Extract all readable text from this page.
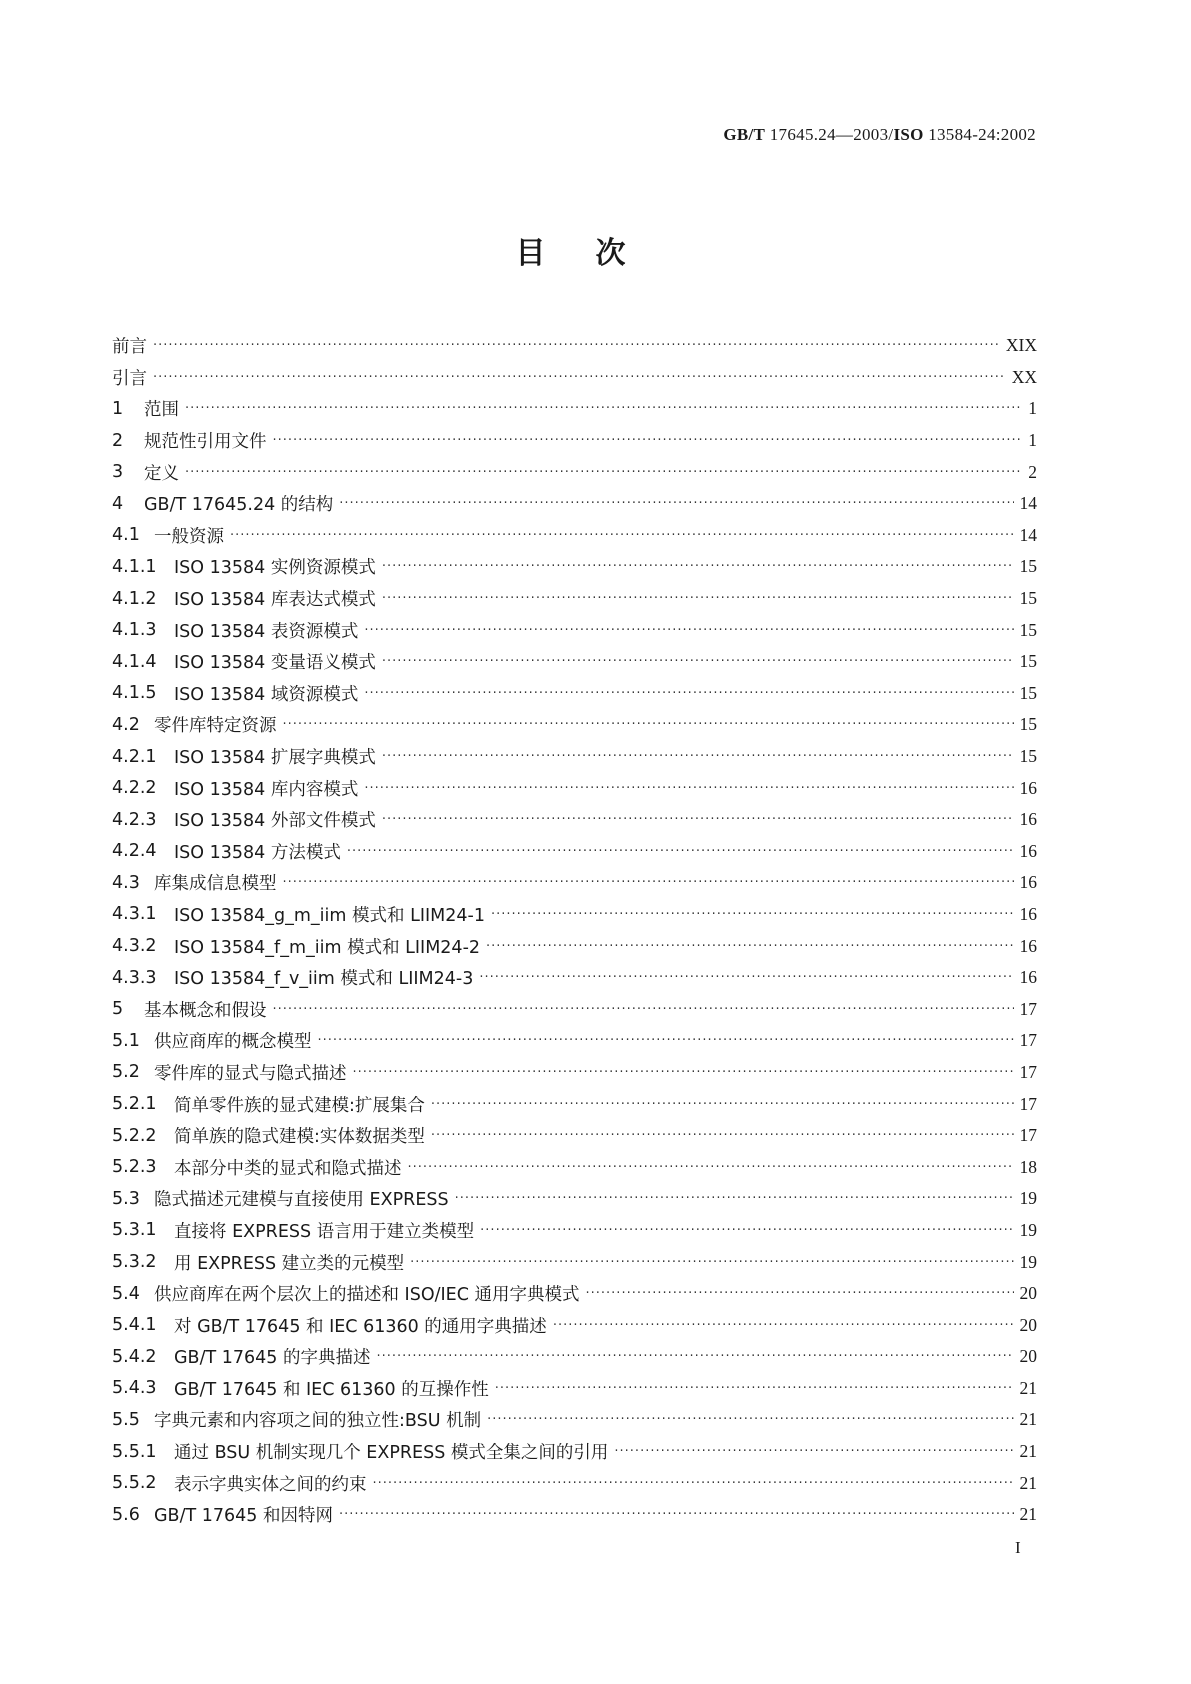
GB/T 17645.24—2003/ISO 13584-24:2002
目次
前言 ·····	XIX
引言 ·····	XX
1 范围 ·····	1
2 规范性引用文件 ·····	1
3 定义 ·····	2
4 GB/T 17645.24 的结构 ·····	14
4.1 一般资源 ·····	14
4.1.1 ISO 13584 实例资源模式 ·····	15
4.1.2 ISO 13584 库表达式模式 ·····	15
4.1.3 ISO 13584 表资源模式 ·····	15
4.1.4 ISO 13584 变量语义模式 ·····	15
4.1.5 ISO 13584 域资源模式 ·····	15
4.2 零件库特定资源 ·····	15
4.2.1 ISO 13584 扩展字典模式 ·····	15
4.2.2 ISO 13584 库内容模式 ·····	16
4.2.3 ISO 13584 外部文件模式 ·····	16
4.2.4 ISO 13584 方法模式 ·····	16
4.3 库集成信息模型 ·····	16
4.3.1 ISO 13584_g_m_iim 模式和 LIIM24-1 ·····	16
4.3.2 ISO 13584_f_m_iim 模式和 LIIM24-2 ·····	16
4.3.3 ISO 13584_f_v_iim 模式和 LIIM24-3 ·····	16
5 基本概念和假设 ·····	17
5.1 供应商库的概念模型 ·····	17
5.2 零件库的显式与隐式描述 ·····	17
5.2.1 简单零件族的显式建模:扩展集合 ·····	17
5.2.2 简单族的隐式建模:实体数据类型 ·····	17
5.2.3 本部分中类的显式和隐式描述 ·····	18
5.3 隐式描述元建模与直接使用 EXPRESS ·····	19
5.3.1 直接将 EXPRESS 语言用于建立类模型 ·····	19
5.3.2 用 EXPRESS 建立类的元模型 ·····	19
5.4 供应商库在两个层次上的描述和 ISO/IEC 通用字典模式 ·····	20
5.4.1 对 GB/T 17645 和 IEC 61360 的通用字典描述 ·····	20
5.4.2 GB/T 17645 的字典描述 ·····	20
5.4.3 GB/T 17645 和 IEC 61360 的互操作性 ·····	21
5.5 字典元素和内容项之间的独立性:BSU 机制 ·····	21
5.5.1 通过 BSU 机制实现几个 EXPRESS 模式全集之间的引用 ·····	21
5.5.2 表示字典实体之间的约束 ·····	21
5.6 GB/T 17645 和因特网 ·····	21
I
